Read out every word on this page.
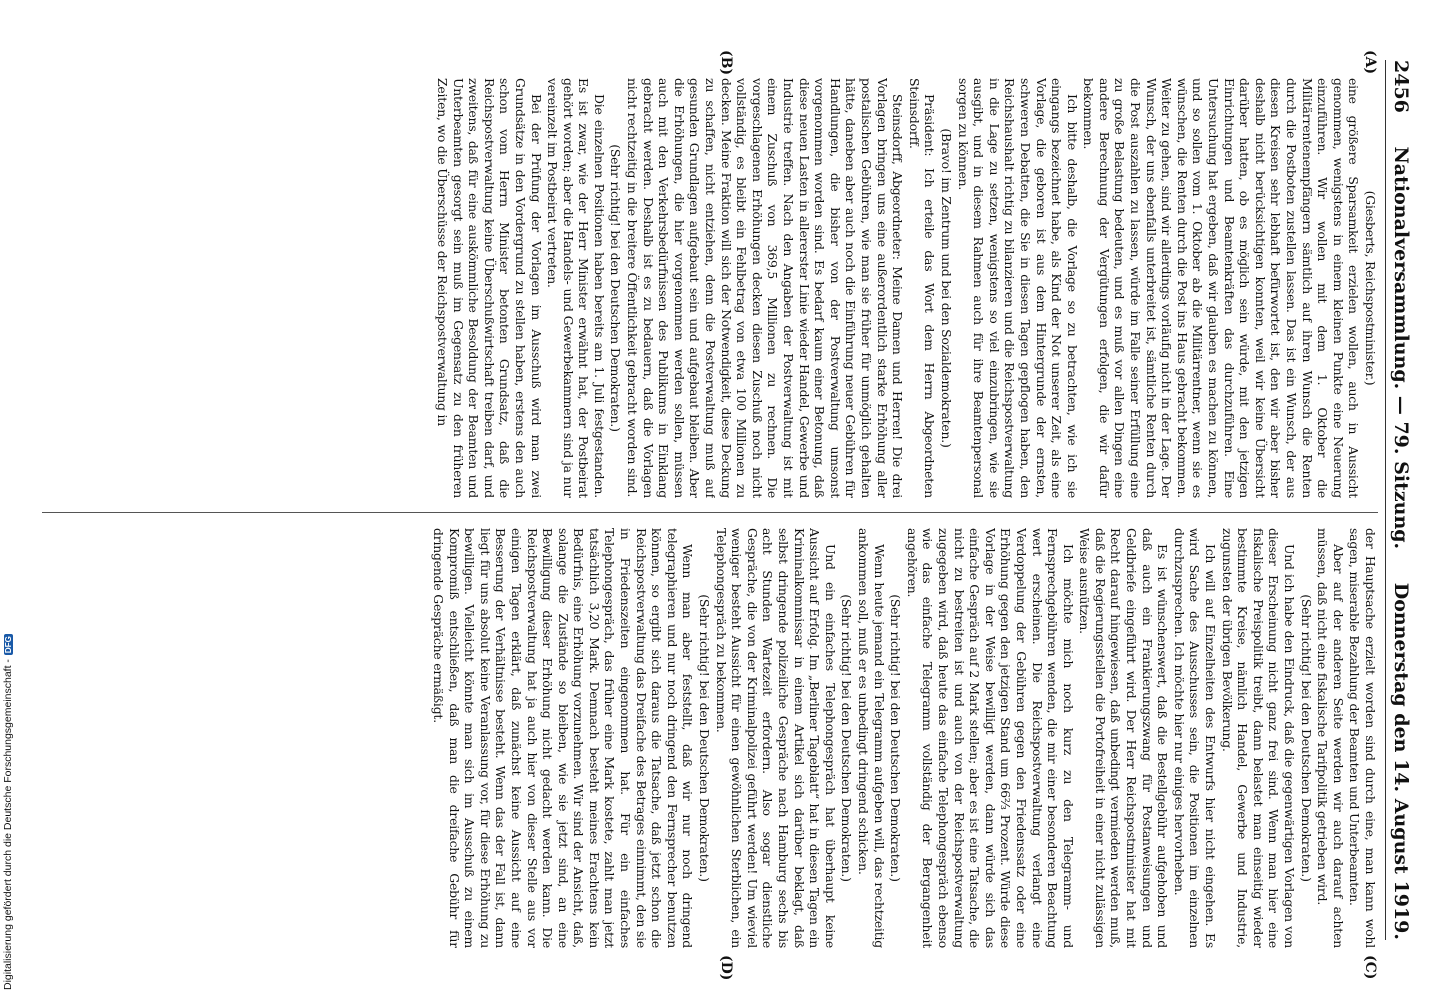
Digitalisierung gefördert durch die Deutsche Forschungsgemeinschaft -
DFG
2456
Nationalversammlung. — 79. Sitzung.
Donnerstag den 14. August 1919.
(A)
(B)
(C)
(D)

(Giesberts, Reichspostminister.)

eine größere Sparsamkeit erzielen wollen, auch in Aussicht genommen, wenigstens in einem kleinen Punkte eine Neuerung einzuführen. Wir wollen mit dem 1. Oktober die Militärrentenempfängern sämtlich auf ihren Wunsch die Renten durch die Postboten zustellen lassen. Das ist ein Wunsch, der aus diesen Kreisen sehr lebhaft befürwortet ist, den wir aber bisher deshalb nicht berücksichtigen konnten, weil wir keine Übersicht darüber hatten, ob es möglich sein würde, mit den jetzigen Einrichtungen und Beamtenkräften das durchzuführen. Eine Untersuchung hat ergeben, daß wir glauben es machen zu können, und so sollen vom 1. Oktober ab die Militärrentner, wenn sie es wünschen, die Renten durch die Post ins Haus gebracht bekommen. Weiter zu gehen, sind wir allerdings vorläufig nicht in der Lage. Der Wunsch, der uns ebenfalls unterbreitet ist, sämtliche Renten durch die Post auszahlen zu lassen, würde im Falle seiner Erfüllung eine zu große Belastung bedeuten, und es muß vor allen Dingen eine andere Berechnung der Vergütungen erfolgen, die wir dafür bekommen.

Ich bitte deshalb, die Vorlage so zu betrachten, wie ich sie eingangs bezeichnet habe, als Kind der Not unserer Zeit, als eine Vorlage, die geboren ist aus dem Hintergrunde der ernsten, schweren Debatten, die Sie in diesen Tagen gepflogen haben, den Reichshaushalt richtig zu bilanzieren und die Reichspostverwaltung in die Lage zu setzen, wenigstens so viel einzubringen, wie sie ausgibt, und in diesem Rahmen auch für ihre Beamtenpersonal sorgen zu können.

(Bravo! im Zentrum und bei den Sozialdemokraten.)

Präsident: Ich erteile das Wort dem Herrn Abgeordneten Steinsdorff.

Steinsdorff, Abgeordneter: Meine Damen und Herren! Die drei Vorlagen bringen uns eine außerordentlich starke Erhöhung aller postalischen Gebühren, wie man sie früher für unmöglich gehalten hätte, daneben aber auch noch die Einführung neuer Gebühren für Handlungen, die bisher von der Postverwaltung umsonst vorgenommen worden sind. Es bedarf kaum einer Betonung, daß diese neuen Lasten in allererster Linie wieder Handel, Gewerbe und Industrie treffen. Nach den Angaben der Postverwaltung ist mit einem Zuschuß von 369,5 Millionen zu rechnen. Die vorgeschlagenen Erhöhungen decken diesen Zuschuß noch nicht vollständig, es bleibt ein Fehlbetrag von etwa 100 Millionen zu decken. Meine Fraktion will sich der Notwendigkeit, diese Deckung zu schaffen, nicht entziehen, denn die Postverwaltung muß auf gesunden Grundlagen aufgebaut sein und aufgebaut bleiben. Aber die Erhöhungen, die hier vorgenommen werden sollen, müssen auch mit den Verkehrsbedürfnissen des Publikums in Einklang gebracht werden. Deshalb ist es zu bedauern, daß die Vorlagen nicht rechtzeitig in die breitere Öffentlichkeit gebracht worden sind.

(Sehr richtig! bei den Deutschen Demokraten.)

Die einzelnen Positionen haben bereits am 1. Juli festgestanden. Es ist zwar, wie der Herr Minister erwähnt hat, der Postbeirat gehört worden; aber die Handels- und Gewerbekammern sind ja nur vereinzelt im Postbeirat vertreten.

Bei der Prüfung der Vorlagen im Ausschuß wird man zwei Grundsätze in den Vordergrund zu stellen haben, erstens den auch schon vom Herrn Minister betonten Grundsatz, daß die Reichspostverwaltung keine Überschußwirtschaft treiben darf, und zweitens, daß für eine auskömmliche Besoldung der Beamten und Unterbeamten gesorgt sein muß im Gegensatz zu den früheren Zeiten, wo die Überschüsse der Reichspostverwaltung in

der Hauptsache erzielt worden sind durch eine, man kann wohl sagen, miserable Bezahlung der Beamten und Unterbeamten.

Aber auf der anderen Seite werden wir auch darauf achten müssen, daß nicht eine fiskalische Tarifpolitik getrieben wird.

(Sehr richtig! bei den Deutschen Demokraten.)

Und ich habe den Eindruck, daß die gegenwärtigen Vorlagen von dieser Erscheinung nicht ganz frei sind. Wenn man hier eine fiskalische Preispolitik treibt, dann belastet man einseitig wieder bestimmte Kreise, nämlich Handel, Gewerbe und Industrie, zugunsten der übrigen Bevölkerung.

Ich will auf Einzelheiten des Entwurfs hier nicht eingehen. Es wird Sache des Ausschusses sein, die Positionen im einzelnen durchzusprechen. Ich möchte hier nur einiges hervorheben.

Es ist wünschenswert, daß die Bestellgebühr aufgehoben und daß auch ein Frankierungszwang für Postanweisungen und Geldbriefe eingeführt wird. Der Herr Reichspostminister hat mit Recht darauf hingewiesen, daß unbedingt vermieden werden muß, daß die Regierungsstellen die Portofreiheit in einer nicht zulässigen Weise ausnützen.

Ich möchte mich noch kurz zu den Telegramm- und Fernsprechgebühren wenden, die mir einer besonderen Beachtung wert erscheinen. Die Reichspostverwaltung verlangt eine Verdoppelung der Gebühren gegen den Friedenssatz oder eine Erhöhung gegen den jetzigen Stand um 66⅔ Prozent. Würde diese Vorlage in der Weise bewilligt werden, dann würde sich das einfache Gespräch auf 2 Mark stellen; aber es ist eine Tatsache, die nicht zu bestreiten ist und auch von der Reichspostverwaltung zugegeben wird, daß heute das einfache Telephongespräch ebenso wie das einfache Telegramm vollständig der Bergangenheit angehören.

(Sehr richtig! bei den Deutschen Demokraten.)

Wenn heute jemand ein Telegramm aufgeben will, das rechtzeitig ankommen soll, muß er es unbedingt dringend schicken.

(Sehr richtig! bei den Deutschen Demokraten.)

Und ein einfaches Telephongespräch hat überhaupt keine Aussicht auf Erfolg. Im „Berliner Tageblatt“ hat in diesen Tagen ein Kriminalkommissar in einem Artikel sich darüber beklagt, daß selbst dringende polizeiliche Gespräche nach Hamburg sechs bis acht Stunden Wartezeit erfordern. Also sogar dienstliche Gespräche, die von der Kriminalpolizei geführt werden! Um wieviel weniger besteht Aussicht für einen gewöhnlichen Sterblichen, ein Telephongespräch zu bekommen.

(Sehr richtig! bei den Deutschen Demokraten.)

Wenn man aber feststellt, daß wir nur noch dringend telegraphieren und nur noch dringend den Fernsprecher benutzen können, so ergibt sich daraus die Tatsache, daß jetzt schon die Reichspostverwaltung das Dreifache des Betrages einnimmt, den sie in Friedenszeiten eingenommen hat. Für ein einfaches Telephongespräch, das früher eine Mark kostete, zahlt man jetzt tatsächlich 3,20 Mark. Demnach besteht meines Erachtens kein Bedürfnis, eine Erhöhung vorzunehmen. Wir sind der Ansicht, daß, solange die Zustände so bleiben, wie sie jetzt sind, an eine Bewilligung dieser Erhöhung nicht gedacht werden kann. Die Reichspostverwaltung hat ja auch hier von dieser Stelle aus vor einigen Tagen erklärt, daß zunächst keine Aussicht auf eine Besserung der Verhältnisse besteht. Wenn das der Fall ist, dann liegt für uns absolut keine Veranlassung vor, für diese Erhöhung zu bewilligen. Vielleicht könnte man sich im Ausschuß zu einem Kompromiß entschließen, daß man die dreifache Gebühr für dringende Gespräche ermäßigt.
